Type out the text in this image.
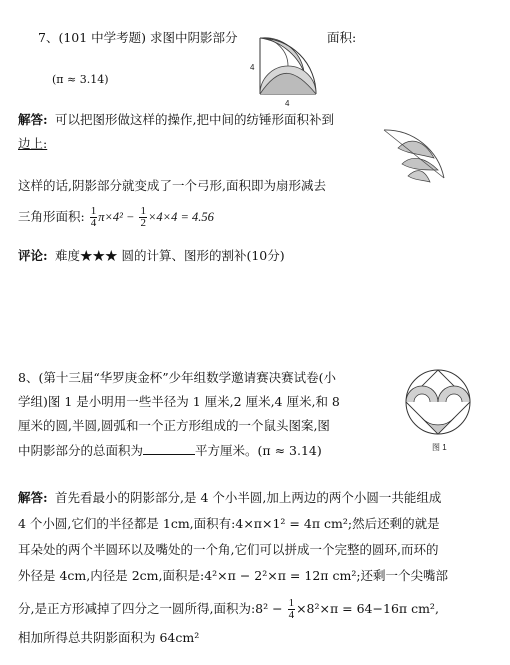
7、(101 中学考题) 求图中阴影部分	面积:
(π ≈ 3.14)
4
4
解答: 可以把图形做这样的操作,把中间的纺锤形面积补到
边上:
这样的话,阴影部分就变成了一个弓形,面积即为扇形减去
三角形面积: $\frac{1}{4} \pi\times 4^2 - \frac{1}{2} \times 4\times 4 = 4.56$
评论: 难度★★★ 圆的计算、图形的割补(10分)
8、(第十三届“华罗庚金杯”少年组数学邀请赛决赛试卷(小
学组)图 1 是小明用一些半径为 1 厘米,2 厘米,4 厘米,和 8
厘米的圆,半圆,圆弧和一个正方形组成的一个鼠头图案,图
中阴影部分的总面积为	平方厘米。(π ≈ 3.14)	图 1
解答: 首先看最小的阴影部分,是 4 个小半圆,加上两边的两个小圆一共能组成
4 个小圆,它们的半径都是 1cm,面积有:4×π×1² = 4π cm²;然后还剩的就是
耳朵处的两个半圆环以及嘴处的一个角,它们可以拼成一个完整的圆环,而环的
外径是 4cm,内径是 2cm,面积是:4²×π − 2²×π = 12π cm²;还剩一个尖嘴部
分,是正方形减掉了四分之一圆所得,面积为:8² − $\frac{1}{4} \times 8^2\times\pi = 64-16\pi$ cm²,
相加所得总共阴影面积为 64cm²
